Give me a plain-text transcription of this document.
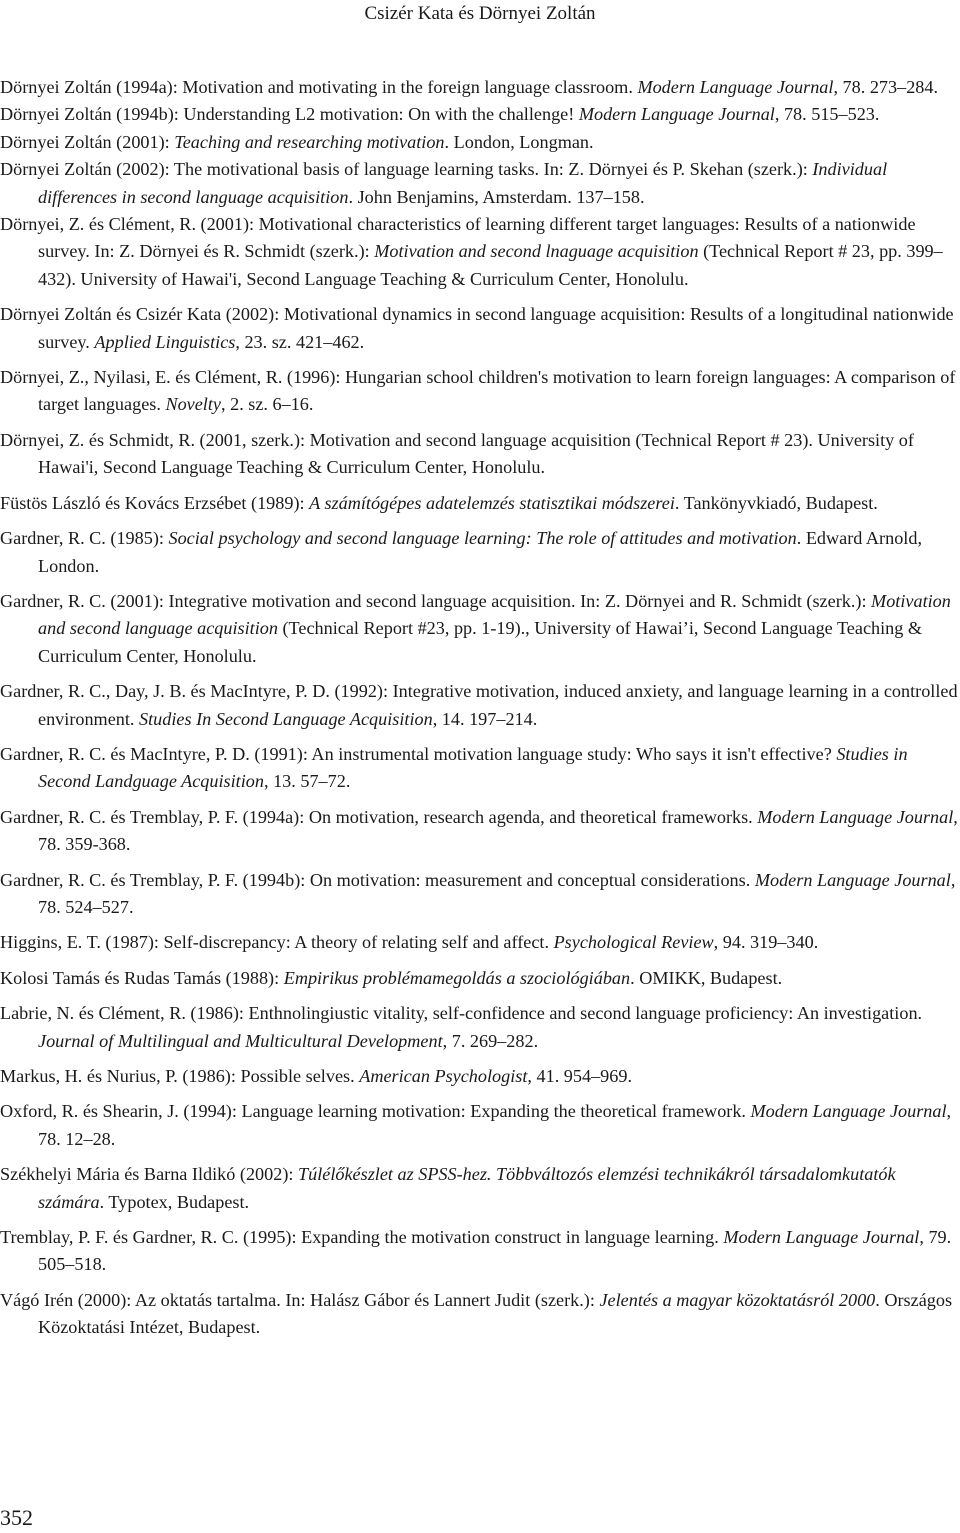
Csizér Kata és Dörnyei Zoltán

Dörnyei Zoltán (1994a): Motivation and motivating in the foreign language classroom. Modern Language Journal, 78. 273–284.

Dörnyei Zoltán (1994b): Understanding L2 motivation: On with the challenge! Modern Language Journal, 78. 515–523.

Dörnyei Zoltán (2001): Teaching and researching motivation. London, Longman.

Dörnyei Zoltán (2002): The motivational basis of language learning tasks. In: Z. Dörnyei és P. Skehan (szerk.): Individual differences in second language acquisition. John Benjamins, Amsterdam. 137–158.

Dörnyei, Z. és Clément, R. (2001): Motivational characteristics of learning different target languages: Results of a nationwide survey. In: Z. Dörnyei és R. Schmidt (szerk.): Motivation and second lnaguage acquisition (Technical Report # 23, pp. 399–432). University of Hawai'i, Second Language Teaching & Curriculum Center, Honolulu.

Dörnyei Zoltán és Csizér Kata (2002): Motivational dynamics in second language acquisition: Results of a longitudinal nationwide survey. Applied Linguistics, 23. sz. 421–462.

Dörnyei, Z., Nyilasi, E. és Clément, R. (1996): Hungarian school children's motivation to learn foreign languages: A comparison of target languages. Novelty, 2. sz. 6–16.

Dörnyei, Z. és Schmidt, R. (2001, szerk.): Motivation and second language acquisition (Technical Report # 23). University of Hawai'i, Second Language Teaching & Curriculum Center, Honolulu.

Füstös László és Kovács Erzsébet (1989): A számítógépes adatelemzés statisztikai módszerei. Tankönyvkiadó, Budapest.

Gardner, R. C. (1985): Social psychology and second language learning: The role of attitudes and motivation. Edward Arnold, London.

Gardner, R. C. (2001): Integrative motivation and second language acquisition. In: Z. Dörnyei and R. Schmidt (szerk.): Motivation and second language acquisition (Technical Report #23, pp. 1-19)., University of Hawai’i, Second Language Teaching & Curriculum Center, Honolulu.

Gardner, R. C., Day, J. B. és MacIntyre, P. D. (1992): Integrative motivation, induced anxiety, and language learning in a controlled environment. Studies In Second Language Acquisition, 14. 197–214.

Gardner, R. C. és MacIntyre, P. D. (1991): An instrumental motivation language study: Who says it isn't effective? Studies in Second Landguage Acquisition, 13. 57–72.

Gardner, R. C. és Tremblay, P. F. (1994a): On motivation, research agenda, and theoretical frameworks. Modern Language Journal, 78. 359-368.

Gardner, R. C. és Tremblay, P. F. (1994b): On motivation: measurement and conceptual considerations. Modern Language Journal, 78. 524–527.

Higgins, E. T. (1987): Self-discrepancy: A theory of relating self and affect. Psychological Review, 94. 319–340.

Kolosi Tamás és Rudas Tamás (1988): Empirikus problémamegoldás a szociológiában. OMIKK, Budapest.

Labrie, N. és Clément, R. (1986): Enthnolingiustic vitality, self-confidence and second language proficiency: An investigation. Journal of Multilingual and Multicultural Development, 7. 269–282.

Markus, H. és Nurius, P. (1986): Possible selves. American Psychologist, 41. 954–969.

Oxford, R. és Shearin, J. (1994): Language learning motivation: Expanding the theoretical framework. Modern Language Journal, 78. 12–28.

Székhelyi Mária és Barna Ildikó (2002): Túlélőkészlet az SPSS-hez. Többváltozós elemzési technikákról társadalomkutatók számára. Typotex, Budapest.

Tremblay, P. F. és Gardner, R. C. (1995): Expanding the motivation construct in language learning. Modern Language Journal, 79. 505–518.

Vágó Irén (2000): Az oktatás tartalma. In: Halász Gábor és Lannert Judit (szerk.): Jelentés a magyar közoktatásról 2000. Országos Közoktatási Intézet, Budapest.

352
